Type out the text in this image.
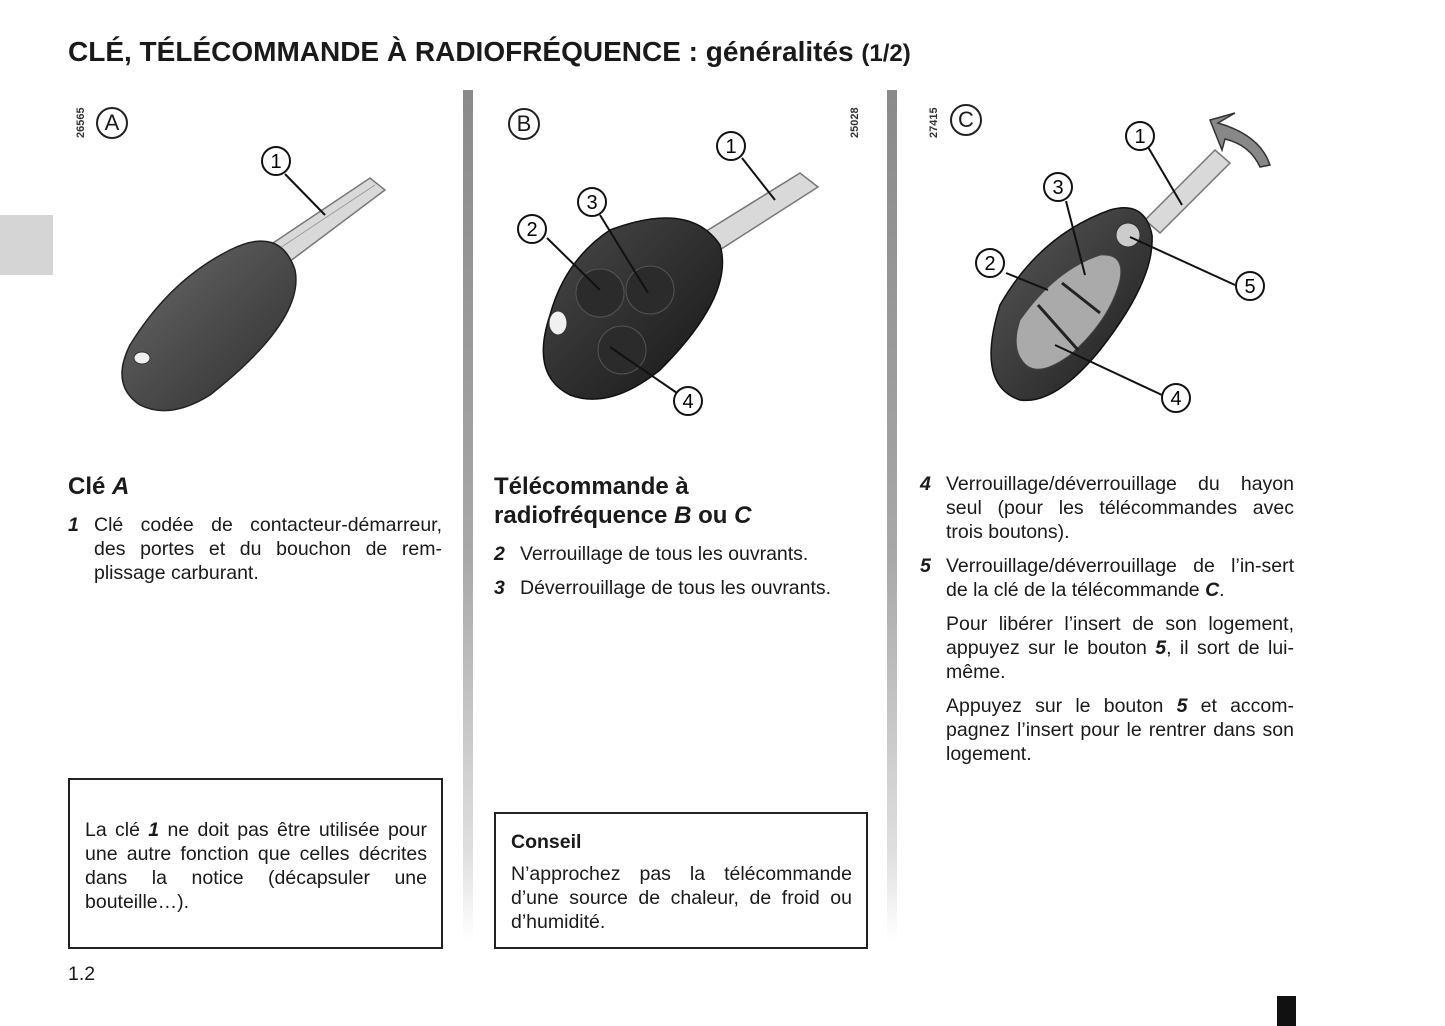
CLÉ, TÉLÉCOMMANDE À RADIOFRÉQUENCE : généralités (1/2)
26565 A
1
B	25028
1
2
3
4
27415 C
1
2
3
4
5
Clé A
1 Clé codée de contacteur-démarreur, des portes et du bouchon de rem-plissage carburant.
La clé 1 ne doit pas être utilisée pour une autre fonction que celles décrites dans la notice (décapsuler une bouteille…).
Télécommande à
radiofréquence B ou C
2 Verrouillage de tous les ouvrants.
3 Déverrouillage de tous les ouvrants.
Conseil
N’approchez pas la télécommande d’une source de chaleur, de froid ou d’humidité.
4 Verrouillage/déverrouillage du hayon seul (pour les télécommandes avec trois boutons).
5 Verrouillage/déverrouillage de l’in-sert de la clé de la télécommande C.
Pour libérer l’insert de son logement, appuyez sur le bouton 5, il sort de lui-même.
Appuyez sur le bouton 5 et accom-pagnez l’insert pour le rentrer dans son logement.
1.2
